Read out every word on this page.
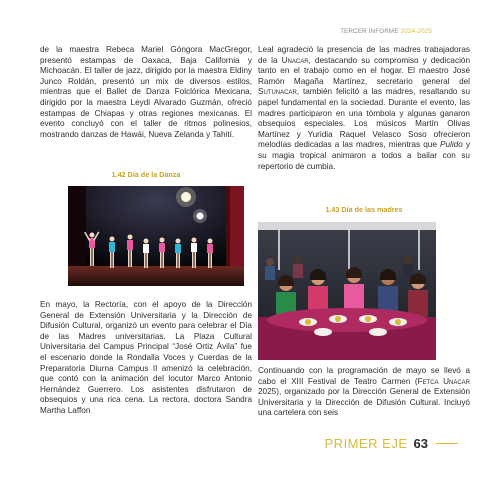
TERCER INFORME 2024-2025

de la maestra Rebeca Mariel Góngora MacGregor, presentó estampas de Oaxaca, Baja California y Michoacán. El taller de jazz, dirigido por la maestra Eldiny Junco Roldán, presentó un mix de diversos estilos, mientras que el Ballet de Danza Folclórica Mexicana, dirigido por la maestra Leydi Alvarado Guzmán, ofreció estampas de Chiapas y otras regiones mexicanas. El evento concluyó con el taller de ritmos polinesios, mostrando danzas de Hawái, Nueva Zelanda y Tahití.

1.42 Día de la Danza

En mayo, la Rectoría, con el apoyo de la Dirección General de Extensión Universitaria y la Dirección de Difusión Cultural, organizó un evento para celebrar el Día de las Madres universitarias. La Plaza Cultural Universitaria del Campus Principal “José Ortiz Ávila” fue el escenario donde la Rondalla Voces y Cuerdas de la Preparatoria Diurna Campus II amenizó la celebración, que contó con la animación del locutor Marco Antonio Hernández Guerrero. Los asistentes disfrutaron de obsequios y una rica cena. La rectora, doctora Sandra Martha Laffon

Leal agradeció la presencia de las madres trabajadoras de la Unacar, destacando su compromiso y dedicación tanto en el trabajo como en el hogar. El maestro José Ramón Magaña Martínez, secretario general del Sutunacar, también felicitó a las madres, resaltando su papel fundamental en la sociedad. Durante el evento, las madres participaron en una tómbola y algunas ganaron obsequios especiales. Los músicos Martín Olivas Martínez y Yuridia Raquel Velasco Soso ofrecieron melodías dedicadas a las madres, mientras que Pulido y su magia tropical animaron a todos a bailar con su repertorio de cumbia.

1.43 Día de las madres

Continuando con la programación de mayo se llevó a cabo el XIII Festival de Teatro Carmen (Fetca Unacar 2025), organizado por la Dirección General de Extensión Universitaria y la Dirección de Difusión Cultural. Incluyó una cartelera con seis

PRIMER EJE 63
